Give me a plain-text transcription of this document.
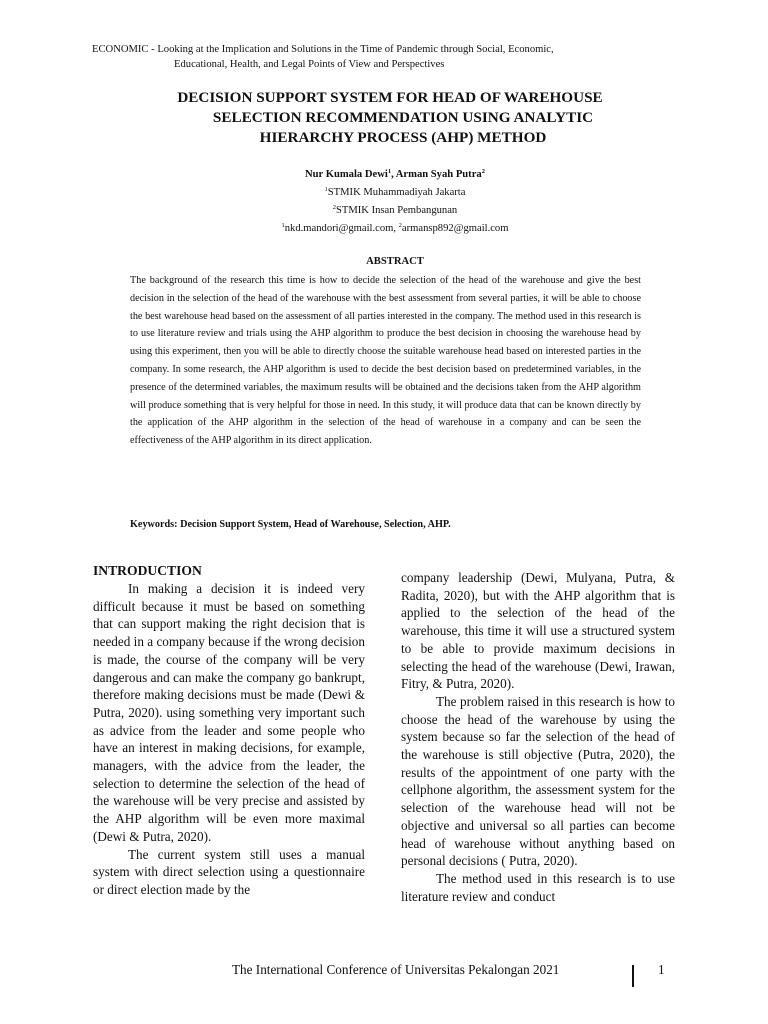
ECONOMIC - Looking at the Implication and Solutions in the Time of Pandemic through Social, Economic,
Educational, Health, and Legal Points of View and Perspectives
DECISION SUPPORT SYSTEM FOR HEAD OF WAREHOUSE
SELECTION RECOMMENDATION USING ANALYTIC
HIERARCHY PROCESS (AHP) METHOD
Nur Kumala Dewi$^1$, Arman Syah Putra$^2$
$^1$STMIK Muhammadiyah Jakarta
$^2$STMIK Insan Pembangunan
$^1$nkd.mandori@gmail.com, $^2$armansp892@gmail.com
ABSTRACT

The background of the research this time is how to decide the selection of the head of the warehouse and give the best decision in the selection of the head of the warehouse with the best assessment from several parties, it will be able to choose the best warehouse head based on the assessment of all parties interested in the company. The method used in this research is to use literature review and trials using the AHP algorithm to produce the best decision in choosing the warehouse head by using this experiment, then you will be able to directly choose the suitable warehouse head based on interested parties in the company. In some research, the AHP algorithm is used to decide the best decision based on predetermined variables, in the presence of the determined variables, the maximum results will be obtained and the decisions taken from the AHP algorithm will produce something that is very helpful for those in need. In this study, it will produce data that can be known directly by the application of the AHP algorithm in the selection of the head of warehouse in a company and can be seen the effectiveness of the AHP algorithm in its direct application.

Keywords: Decision Support System, Head of Warehouse, Selection, AHP.
INTRODUCTION

In making a decision it is indeed very difficult because it must be based on something that can support making the right decision that is needed in a company because if the wrong decision is made, the course of the company will be very dangerous and can make the company go bankrupt, therefore making decisions must be made (Dewi & Putra, 2020). using something very important such as advice from the leader and some people who have an interest in making decisions, for example, managers, with the advice from the leader, the selection to determine the selection of the head of the warehouse will be very precise and assisted by the AHP algorithm will be even more maximal (Dewi & Putra, 2020).

The current system still uses a manual system with direct selection using a questionnaire or direct election made by the

company leadership (Dewi, Mulyana, Putra, & Radita, 2020), but with the AHP algorithm that is applied to the selection of the head of the warehouse, this time it will use a structured system to be able to provide maximum decisions in selecting the head of the warehouse (Dewi, Irawan, Fitry, & Putra, 2020).

The problem raised in this research is how to choose the head of the warehouse by using the system because so far the selection of the head of the warehouse is still objective (Putra, 2020), the results of the appointment of one party with the cellphone algorithm, the assessment system for the selection of the warehouse head will not be objective and universal so all parties can become head of warehouse without anything based on personal decisions ( Putra, 2020).

The method used in this research is to use literature review and conduct

The International Conference of Universitas Pekalongan 2021	1
